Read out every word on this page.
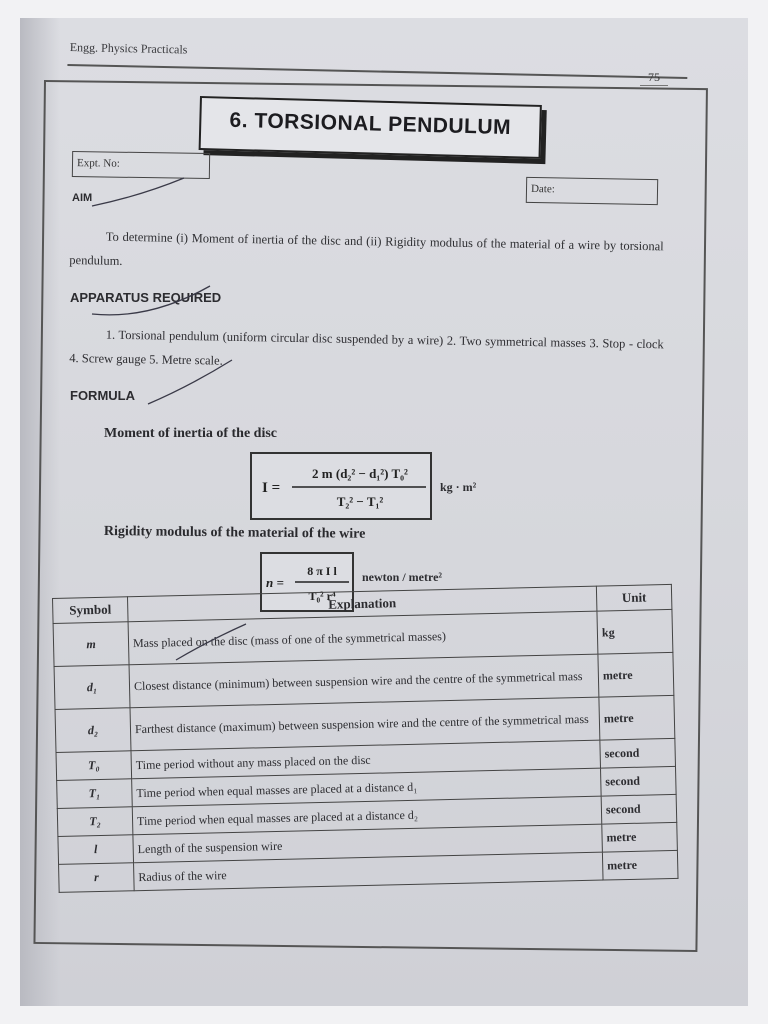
Engg. Physics Practicals
75
6. TORSIONAL PENDULUM
Expt. No:
Date:
AIM
To determine (i) Moment of inertia of the disc and (ii) Rigidity modulus of the material of a wire by torsional pendulum.
APPARATUS REQUIRED
1. Torsional pendulum (uniform circular disc suspended by a wire) 2. Two symmetrical masses 3. Stop - clock 4. Screw gauge 5. Metre scale.
FORMULA
Moment of inertia of the disc
I =
2 m (d₂² − d₁²) T₀²
T₂² − T₁²
kg · m²
Rigidity modulus of the material of the wire
n =
8 π I l
T₀² r⁴
newton / metre²
Symbol	Explanation	Unit
m	Mass placed on the disc (mass of one of the symmetrical masses)	kg
d₁	Closest distance (minimum) between suspension wire and the centre of the symmetrical mass	metre
d₂	Farthest distance (maximum) between suspension wire and the centre of the symmetrical mass	metre
T₀	Time period without any mass placed on the disc	second
T₁	Time period when equal masses are placed at a distance d₁	second
T₂	Time period when equal masses are placed at a distance d₂	second
l	Length of the suspension wire	metre
r	Radius of the wire	metre
